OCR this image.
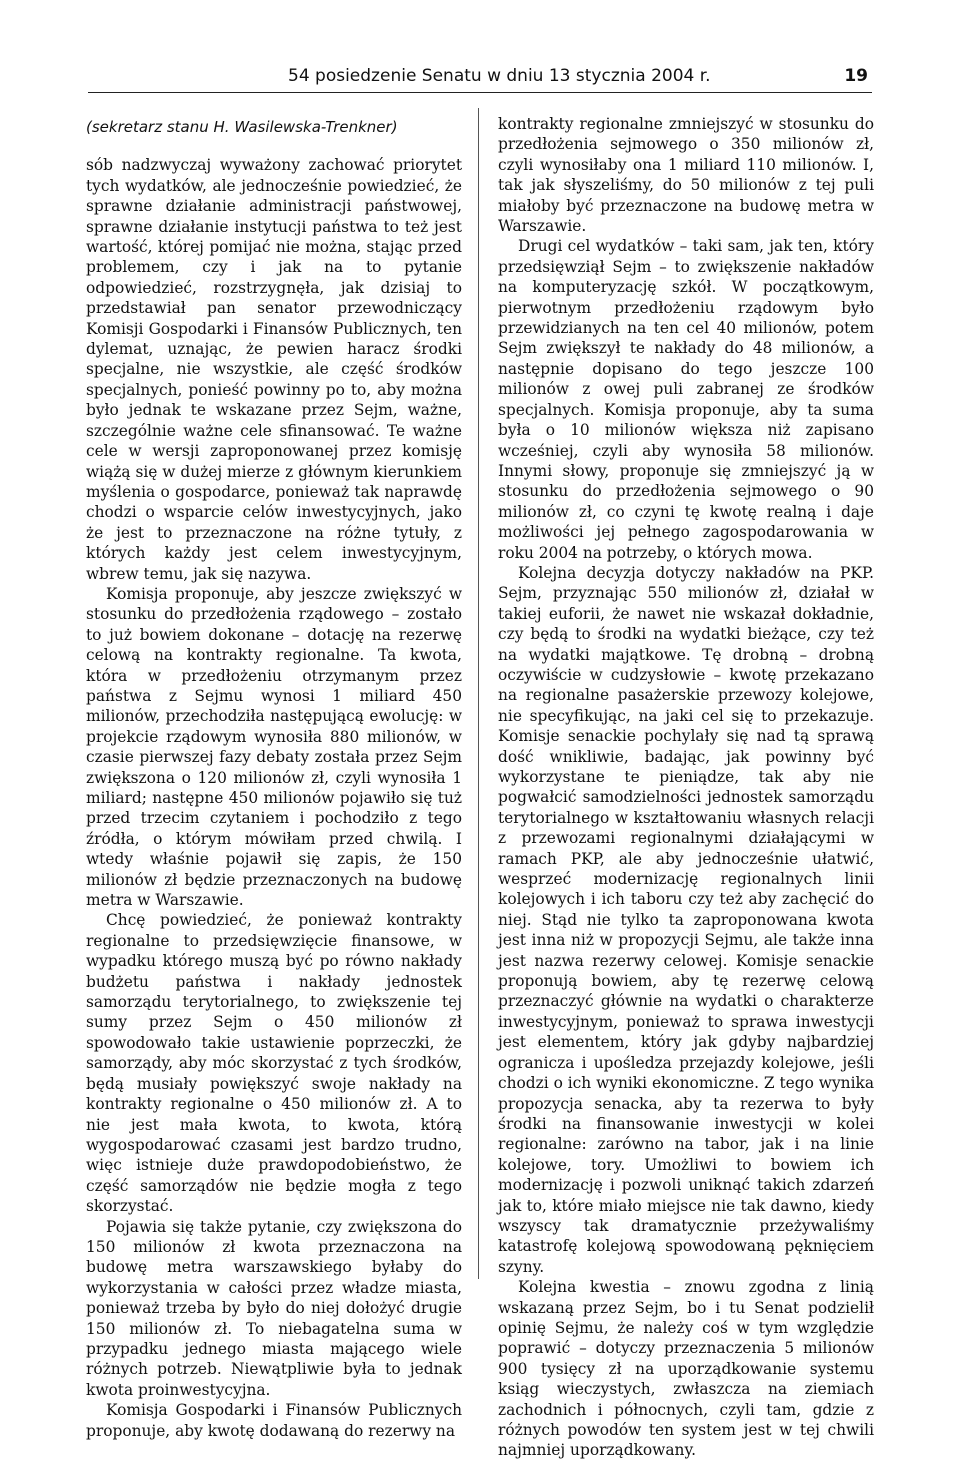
54 posiedzenie Senatu w dniu 13 stycznia 2004 r.	19
(sekretarz stanu H. Wasilewska-Trenkner)

sób nadzwyczaj wyważony zachować priorytet tych wydatków, ale jednocześnie powiedzieć, że sprawne działanie administracji państwowej, sprawne działanie instytucji państwa to też jest wartość, której pomijać nie można, stając przed problemem, czy i jak na to pytanie odpowiedzieć, rozstrzygnęła, jak dzisiaj to przedstawiał pan senator przewodniczący Komisji Gospodarki i Finansów Publicznych, ten dylemat, uznając, że pewien haracz środki specjalne, nie wszystkie, ale część środków specjalnych, ponieść powinny po to, aby można było jednak te wskazane przez Sejm, ważne, szczególnie ważne cele sfinansować. Te ważne cele w wersji zaproponowanej przez komisję wiążą się w dużej mierze z głównym kierunkiem myślenia o gospodarce, ponieważ tak naprawdę chodzi o wsparcie celów inwestycyjnych, jako że jest to przeznaczone na różne tytuły, z których każdy jest celem inwestycyjnym, wbrew temu, jak się nazywa.

Komisja proponuje, aby jeszcze zwiększyć w stosunku do przedłożenia rządowego – zostało to już bowiem dokonane – dotację na rezerwę celową na kontrakty regionalne. Ta kwota, która w przedłożeniu otrzymanym przez państwa z Sejmu wynosi 1 miliard 450 milionów, przechodziła następującą ewolucję: w projekcie rządowym wynosiła 880 milionów, w czasie pierwszej fazy debaty została przez Sejm zwiększona o 120 milionów zł, czyli wynosiła 1 miliard; następne 450 milionów pojawiło się tuż przed trzecim czytaniem i pochodziło z tego źródła, o którym mówiłam przed chwilą. I wtedy właśnie pojawił się zapis, że 150 milionów zł będzie przeznaczonych na budowę metra w Warszawie.

Chcę powiedzieć, że ponieważ kontrakty regionalne to przedsięwzięcie finansowe, w wypadku którego muszą być po równo nakłady budżetu państwa i nakłady jednostek samorządu terytorialnego, to zwiększenie tej sumy przez Sejm o 450 milionów zł spowodowało takie ustawienie poprzeczki, że samorządy, aby móc skorzystać z tych środków, będą musiały powiększyć swoje nakłady na kontrakty regionalne o 450 milionów zł. A to nie jest mała kwota, to kwota, którą wygospodarować czasami jest bardzo trudno, więc istnieje duże prawdopodobieństwo, że część samorządów nie będzie mogła z tego skorzystać.

Pojawia się także pytanie, czy zwiększona do 150 milionów zł kwota przeznaczona na budowę metra warszawskiego byłaby do wykorzystania w całości przez władze miasta, ponieważ trzeba by było do niej dołożyć drugie 150 milionów zł. To niebagatelna suma w przypadku jednego miasta mającego wiele różnych potrzeb. Niewątpliwie była to jednak kwota proinwestycyjna.

Komisja Gospodarki i Finansów Publicznych proponuje, aby kwotę dodawaną do rezerwy na

kontrakty regionalne zmniejszyć w stosunku do przedłożenia sejmowego o 350 milionów zł, czyli wynosiłaby ona 1 miliard 110 milionów. I, tak jak słyszeliśmy, do 50 milionów z tej puli miałoby być przeznaczone na budowę metra w Warszawie.

Drugi cel wydatków – taki sam, jak ten, który przedsięwziął Sejm – to zwiększenie nakładów na komputeryzację szkół. W początkowym, pierwotnym przedłożeniu rządowym było przewidzianych na ten cel 40 milionów, potem Sejm zwiększył te nakłady do 48 milionów, a następnie dopisano do tego jeszcze 100 milionów z owej puli zabranej ze środków specjalnych. Komisja proponuje, aby ta suma była o 10 milionów większa niż zapisano wcześniej, czyli aby wynosiła 58 milionów. Innymi słowy, proponuje się zmniejszyć ją w stosunku do przedłożenia sejmowego o 90 milionów zł, co czyni tę kwotę realną i daje możliwości jej pełnego zagospodarowania w roku 2004 na potrzeby, o których mowa.

Kolejna decyzja dotyczy nakładów na PKP. Sejm, przyznając 550 milionów zł, działał w takiej euforii, że nawet nie wskazał dokładnie, czy będą to środki na wydatki bieżące, czy też na wydatki majątkowe. Tę drobną – drobną oczywiście w cudzysłowie – kwotę przekazano na regionalne pasażerskie przewozy kolejowe, nie specyfikując, na jaki cel się to przekazuje. Komisje senackie pochylały się nad tą sprawą dość wnikliwie, badając, jak powinny być wykorzystane te pieniądze, tak aby nie pogwałcić samodzielności jednostek samorządu terytorialnego w kształtowaniu własnych relacji z przewozami regionalnymi działającymi w ramach PKP, ale aby jednocześnie ułatwić, wesprzeć modernizację regionalnych linii kolejowych i ich taboru czy też aby zachęcić do niej. Stąd nie tylko ta zaproponowana kwota jest inna niż w propozycji Sejmu, ale także inna jest nazwa rezerwy celowej. Komisje senackie proponują bowiem, aby tę rezerwę celową przeznaczyć głównie na wydatki o charakterze inwestycyjnym, ponieważ to sprawa inwestycji jest elementem, który jak gdyby najbardziej ogranicza i upośledza przejazdy kolejowe, jeśli chodzi o ich wyniki ekonomiczne. Z tego wynika propozycja senacka, aby ta rezerwa to były środki na finansowanie inwestycji w kolei regionalne: zarówno na tabor, jak i na linie kolejowe, tory. Umożliwi to bowiem ich modernizację i pozwoli uniknąć takich zdarzeń jak to, które miało miejsce nie tak dawno, kiedy wszyscy tak dramatycznie przeżywaliśmy katastrofę kolejową spowodowaną pęknięciem szyny.

Kolejna kwestia – znowu zgodna z linią wskazaną przez Sejm, bo i tu Senat podzielił opinię Sejmu, że należy coś w tym względzie poprawić – dotyczy przeznaczenia 5 milionów 900 tysięcy zł na uporządkowanie systemu ksiąg wieczystych, zwłaszcza na ziemiach zachodnich i północnych, czyli tam, gdzie z różnych powodów ten system jest w tej chwili najmniej uporządkowany.
